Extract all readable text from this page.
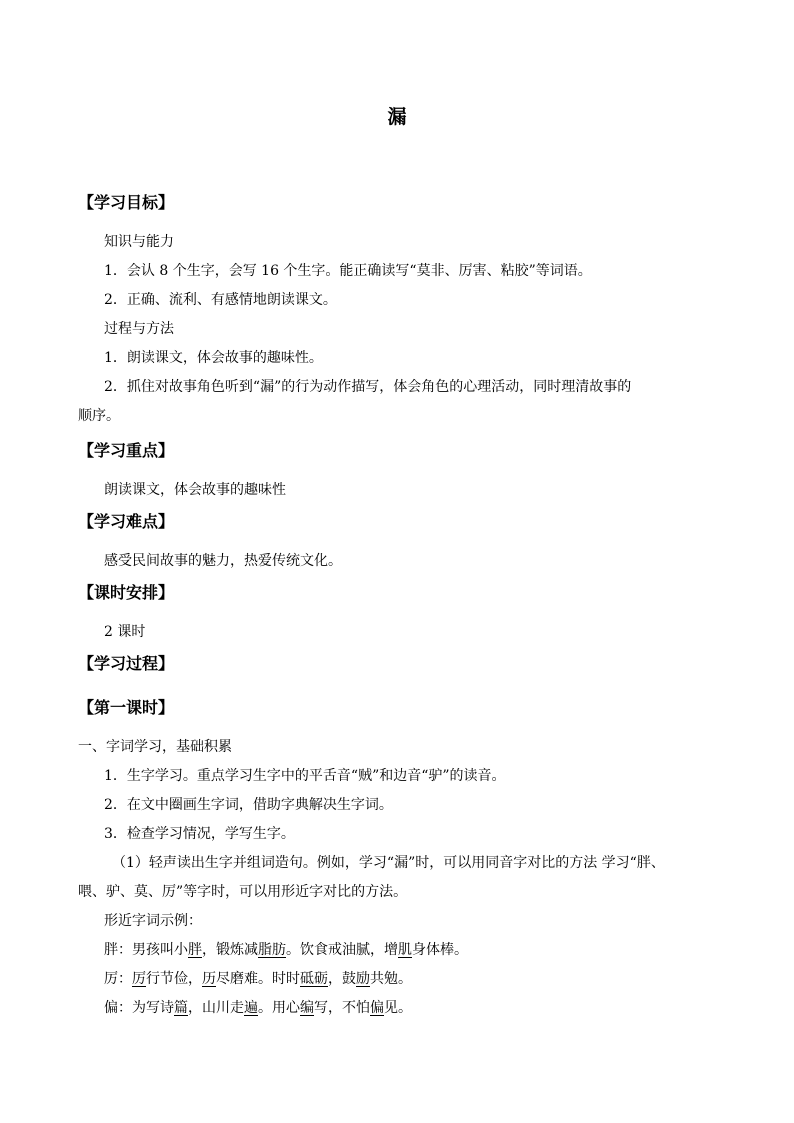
漏
【学习目标】
知识与能力
1．会认 8 个生字，会写 16 个生字。能正确读写“莫非、厉害、粘胶”等词语。
2．正确、流利、有感情地朗读课文。
过程与方法
1．朗读课文，体会故事的趣味性。
2．抓住对故事角色听到“漏”的行为动作描写，体会角色的心理活动，同时理清故事的
顺序。
【学习重点】
朗读课文，体会故事的趣味性
【学习难点】
感受民间故事的魅力，热爱传统文化。
【课时安排】
2 课时
【学习过程】
【第一课时】
一、字词学习，基础积累
1．生字学习。重点学习生字中的平舌音“贼”和边音“驴”的读音。
2．在文中圈画生字词，借助字典解决生字词。
3．检查学习情况，学写生字。
（1）轻声读出生字并组词造句。例如，学习“漏”时，可以用同音字对比的方法 学习“胖、
喂、驴、莫、厉”等字时，可以用形近字对比的方法。
形近字词示例：
胖：男孩叫小胖，锻炼减脂肪。饮食戒油腻，增肌身体棒。
厉：厉行节俭，历尽磨难。时时砥砺，鼓励共勉。
偏：为写诗篇，山川走遍。用心编写，不怕偏见。
